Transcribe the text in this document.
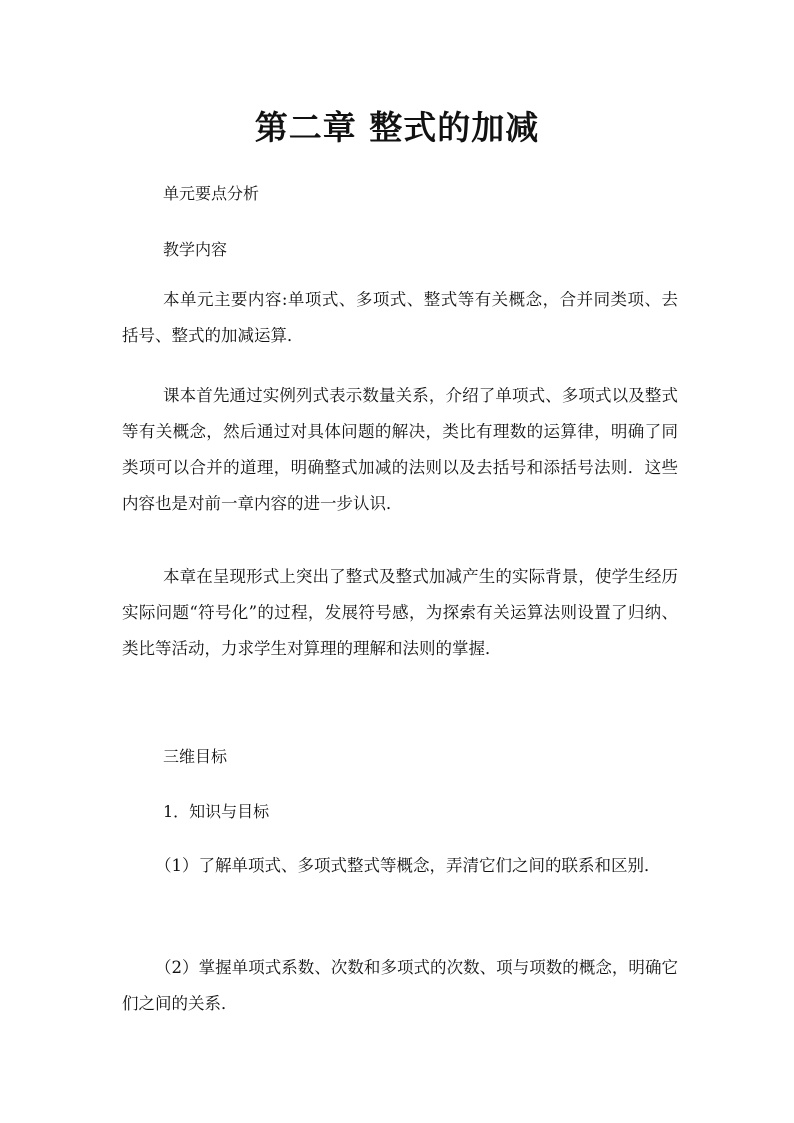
第二章 整式的加减

单元要点分析

教学内容

本单元主要内容:单项式、多项式、整式等有关概念，合并同类项、去括号、整式的加减运算．

课本首先通过实例列式表示数量关系，介绍了单项式、多项式以及整式等有关概念，然后通过对具体问题的解决，类比有理数的运算律，明确了同类项可以合并的道理，明确整式加减的法则以及去括号和添括号法则．这些内容也是对前一章内容的进一步认识．

本章在呈现形式上突出了整式及整式加减产生的实际背景，使学生经历实际问题“符号化”的过程，发展符号感，为探索有关运算法则设置了归纳、类比等活动，力求学生对算理的理解和法则的掌握．

三维目标

1．知识与目标

（1）了解单项式、多项式整式等概念，弄清它们之间的联系和区别．

（2）掌握单项式系数、次数和多项式的次数、项与项数的概念，明确它们之间的关系．
